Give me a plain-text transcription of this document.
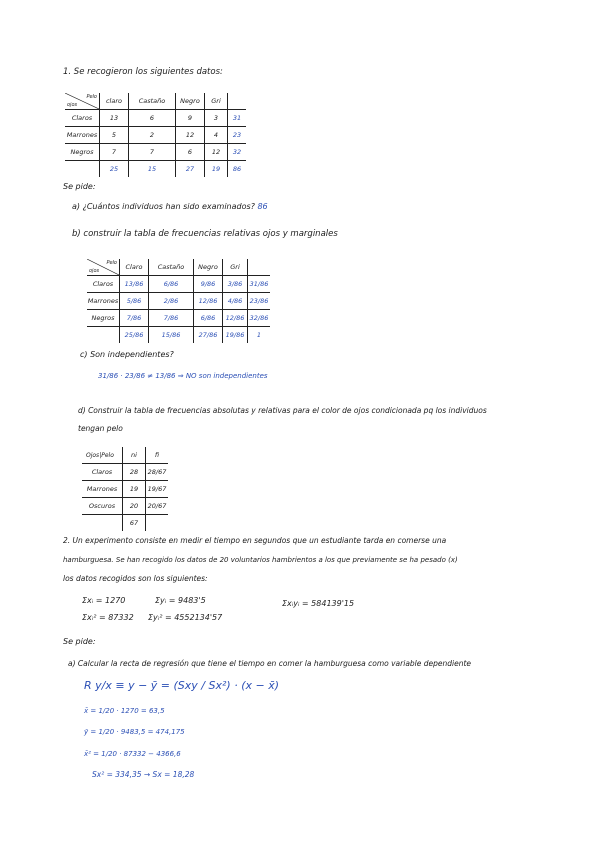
1. Se recogieron los siguientes datos:
Pelo
ojos	claro	Castaño	Negro	Gri	
Claros	13	6	9	3	31
Marrones	5	2	12	4	23
Negros	7	7	6	12	32
	25	15	27	19	86
Se pide:
a) ¿Cuántos individuos han sido examinados? 86
b) construir la tabla de frecuencias relativas ojos y marginales
Pelo
ojos	Claro	Castaño	Negro	Gri	
Claros	13/86	6/86	9/86	3/86	31/86
Marrones	5/86	2/86	12/86	4/86	23/86
Negros	7/86	7/86	6/86	12/86	32/86
	25/86	15/86	27/86	19/86	1
c) Son independientes?
31/86 · 23/86 ≠ 13/86 ⇒ NO son independientes
d) Construir la tabla de frecuencias absolutas y relativas para el color de ojos condicionada pq los individuos
tengan pelo
Ojos|Pelo	ni	fi
Claros	28	28/67
Marrones	19	19/67
Oscuros	20	20/67
	67	
2. Un experimento consiste en medir el tiempo en segundos que un estudiante tarda en comerse una
hamburguesa. Se han recogido los datos de 20 voluntarios hambrientos a los que previamente se ha pesado (x)
los datos recogidos son los siguientes:
Σxᵢ = 1270	Σyᵢ = 9483'5	Σxᵢyᵢ = 584139'15
Σxᵢ² = 87332 Σyᵢ² = 4552134'57
Se pide:
a) Calcular la recta de regresión que tiene el tiempo en comer la hamburguesa como variable dependiente
R y/x ≡ y − ȳ = (Sxy / Sx²) · (x − x̄)
x̄ = 1/20 · 1270 = 63,5
ȳ = 1/20 · 9483,5 = 474,175
x̄² = 1/20 · 87332 − 4366,6
Sx² = 334,35 → Sx = 18,28
